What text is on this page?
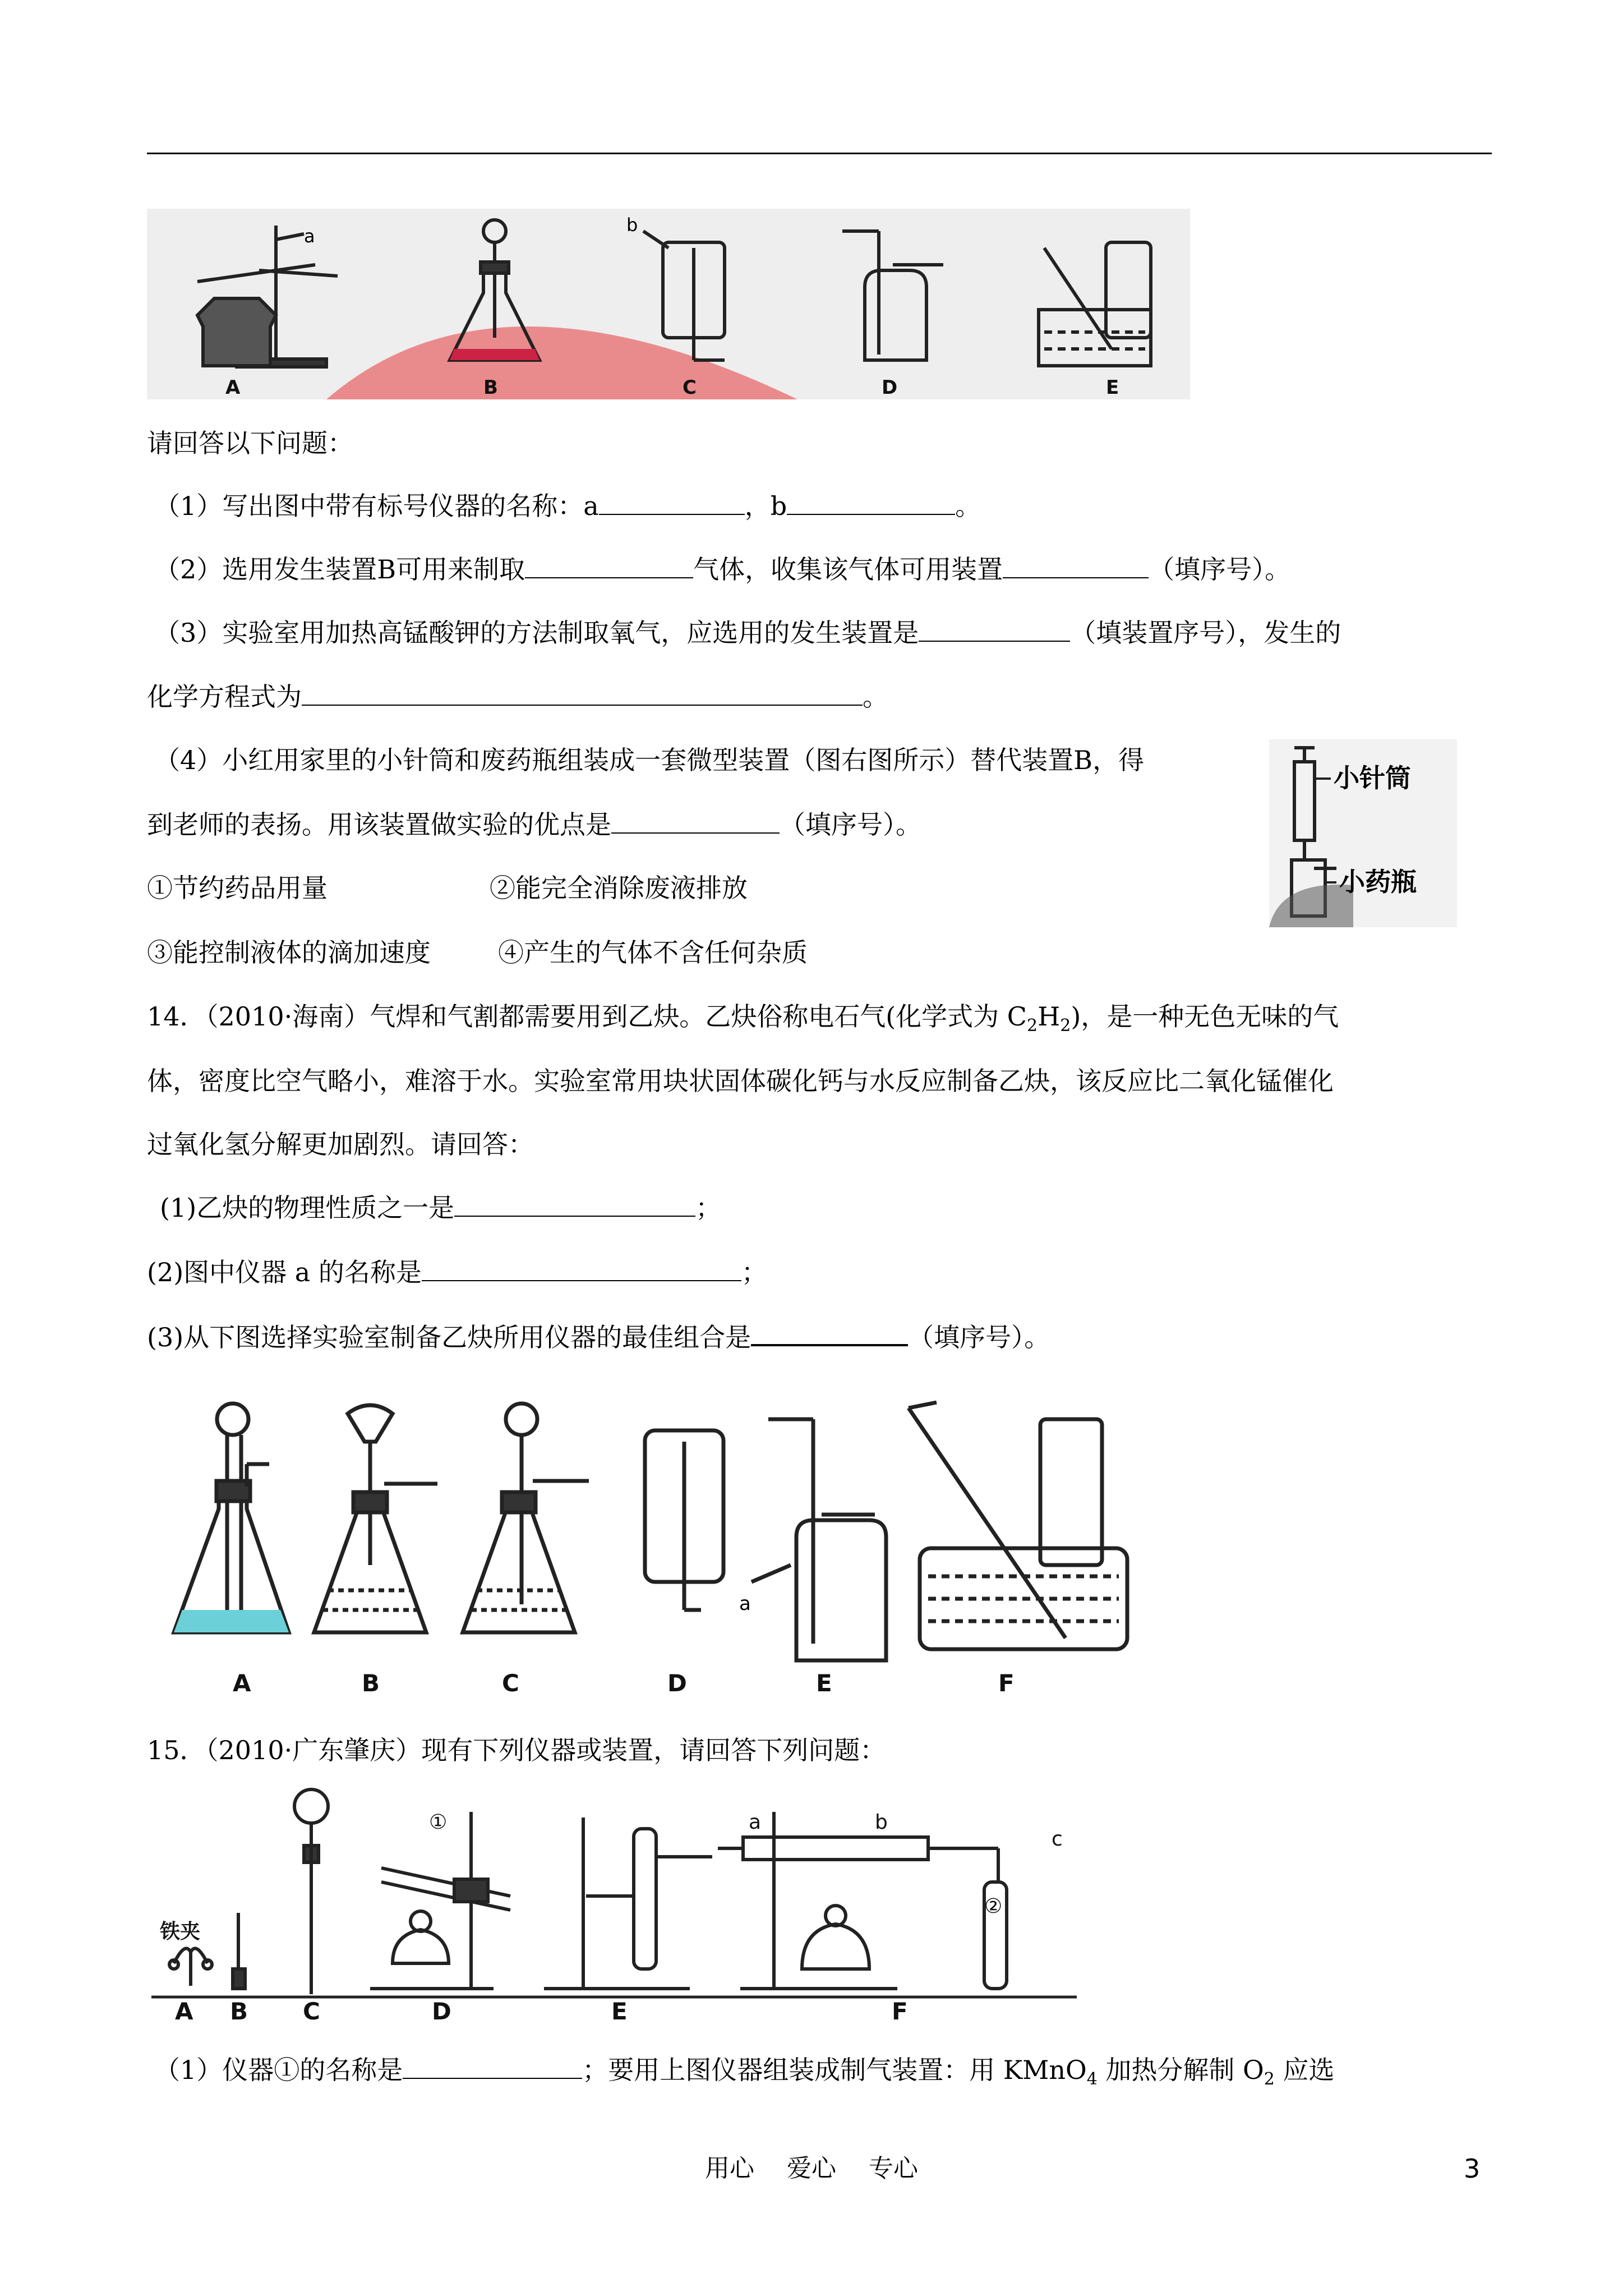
a
b
A	B	C	D	E
请回答以下问题：
（1）写出图中带有标号仪器的名称：a	，b	。
（2）选用发生装置B可用来制取	气体，收集该气体可用装置	（填序号）。
（3）实验室用加热高锰酸钾的方法制取氧气，应选用的发生装置是	（填装置序号），发生的
化学方程式为	。
（4）小红用家里的小针筒和废药瓶组装成一套微型装置（图右图所示）替代装置B，得
到老师的表扬。用该装置做实验的优点是	（填序号）。
①节约药品用量	②能完全消除废液排放
③能控制液体的滴加速度	④产生的气体不含任何杂质
小针筒
小药瓶
14．（2010·海南）气焊和气割都需要用到乙炔。乙炔俗称电石气(化学式为 $C_2H_2$)，是一种无色无味的气
体，密度比空气略小，难溶于水。实验室常用块状固体碳化钙与水反应制备乙炔，该反应比二氧化锰催化
过氧化氢分解更加剧烈。请回答：
(1)乙炔的物理性质之一是	；
(2)图中仪器 a 的名称是	；
(3)从下图选择实验室制备乙炔所用仪器的最佳组合是	（填序号）。
a
A	B	C	D	E	F
15．（2010·广东肇庆）现有下列仪器或装置，请回答下列问题：
铁夹
①	a	b
c
②
A B C	D	E	F
（1）仪器①的名称是	；要用上图仪器组装成制气装置：用 KMnO$_4$ 加热分解制 $O_2$ 应选
用心 爱心 专心	3
